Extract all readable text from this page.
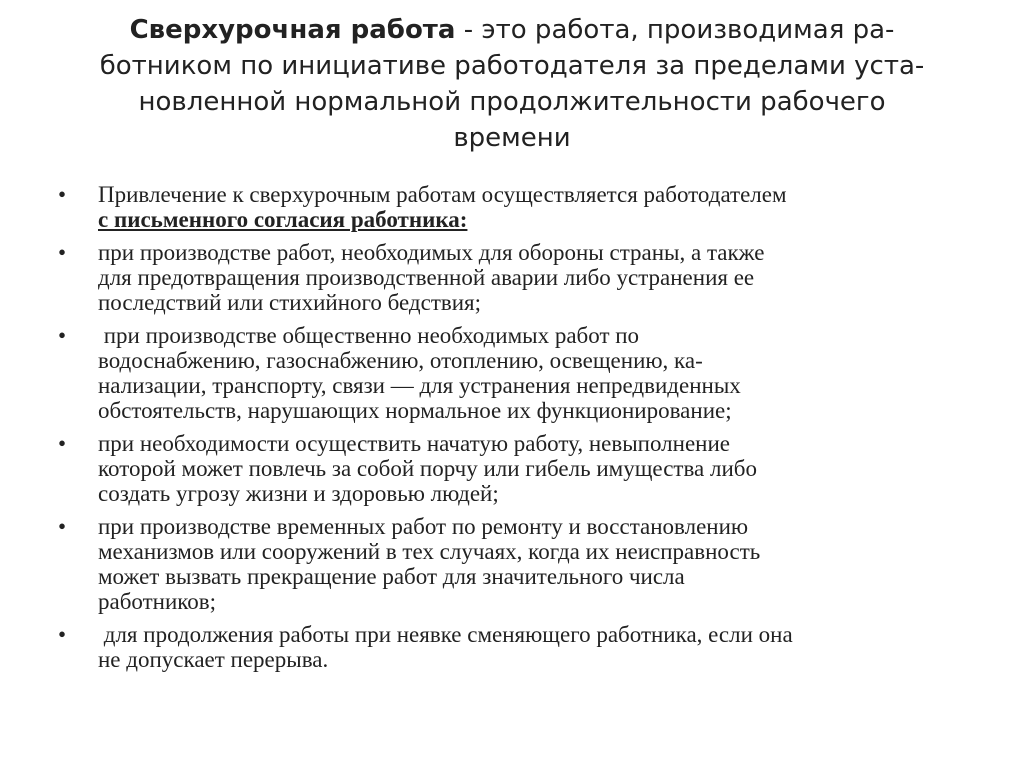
Сверхурочная работа - это работа, производимая ра-
ботником по инициативе работодателя за пределами уста-
новленной нормальной продолжительности рабочего
времени
•	Привлечение к сверхурочным работам осуществляется работодателем
с письменного согласия работника:
•	при производстве работ, необходимых для обороны страны, а также
для предотвращения производственной аварии либо устранения ее
последствий или стихийного бедствия;
•	при производстве общественно необходимых работ по
водоснабжению, газоснабжению, отоплению, освещению, ка-
нализации, транспорту, связи — для устранения непредвиденных
обстоятельств, нарушающих нормальное их функционирование;
•	при необходимости осуществить начатую работу, невыполнение
которой может повлечь за собой порчу или гибель имущества либо
создать угрозу жизни и здоровью людей;
•	при производстве временных работ по ремонту и восстановлению
механизмов или сооружений в тех случаях, когда их неисправность
может вызвать прекращение работ для значительного числа
работников;
•	для продолжения работы при неявке сменяющего работника, если она
не допускает перерыва.
